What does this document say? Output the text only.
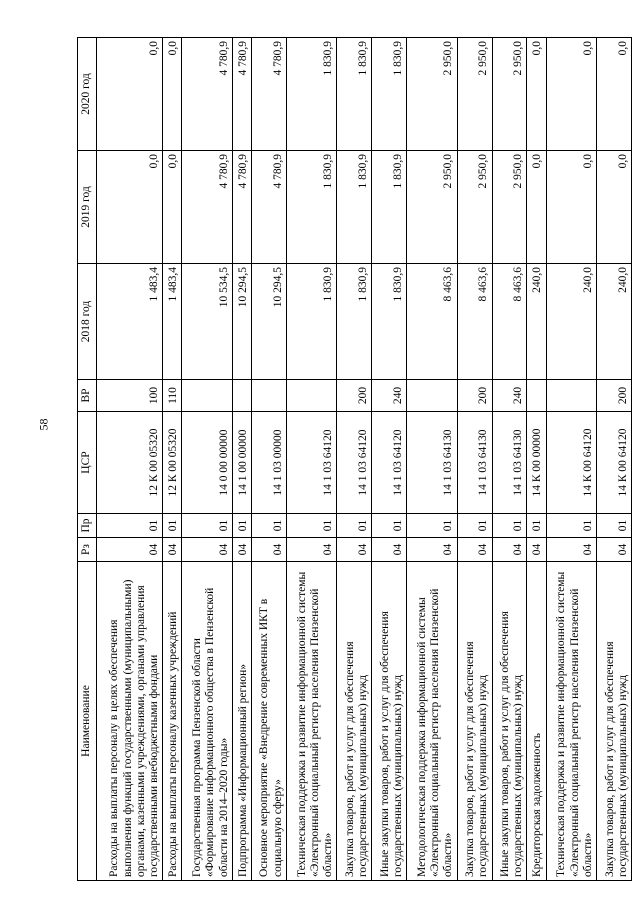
58
Наименование	Рз	Пр	ЦСР	ВР	2018 год	2019 год	2020 год
Расходы на выплаты персоналу в целях обеспечения выполнения функций государственными (муниципальными) органами, казенными учреждениями, органами управления государственными внебюджетными фондами	04	01	12 К 00 05320	100	1 483,4	0,0	0,0
Расходы на выплаты персоналу казенных учреждений	04	01	12 К 00 05320	110	1 483,4	0,0	0,0
Государственная программа Пензенской области «Формирование информационного общества в Пензенской области на 2014–2020 годы»	04	01	14 0 00 00000		10 534,5	4 780,9	4 780,9
Подпрограмма «Информационный регион»	04	01	14 1 00 00000		10 294,5	4 780,9	4 780,9
Основное мероприятие «Внедрение современных ИКТ в социальную сферу»	04	01	14 1 03 00000		10 294,5	4 780,9	4 780,9
Техническая поддержка и развитие информационной системы «Электронный социальный регистр населения Пензенской области»	04	01	14 1 03 64120		1 830,9	1 830,9	1 830,9
Закупка товаров, работ и услуг для обеспечения государственных (муниципальных) нужд	04	01	14 1 03 64120	200	1 830,9	1 830,9	1 830,9
Иные закупки товаров, работ и услуг для обеспечения государственных (муниципальных) нужд	04	01	14 1 03 64120	240	1 830,9	1 830,9	1 830,9
Методологическая поддержка информационной системы «Электронный социальный регистр населения Пензенской области»	04	01	14 1 03 64130		8 463,6	2 950,0	2 950,0
Закупка товаров, работ и услуг для обеспечения государственных (муниципальных) нужд	04	01	14 1 03 64130	200	8 463,6	2 950,0	2 950,0
Иные закупки товаров, работ и услуг для обеспечения государственных (муниципальных) нужд	04	01	14 1 03 64130	240	8 463,6	2 950,0	2 950,0
Кредиторская задолженность	04	01	14 К 00 00000		240,0	0,0	0,0
Техническая поддержка и развитие информационной системы «Электронный социальный регистр населения Пензенской области»	04	01	14 К 00 64120		240,0	0,0	0,0
Закупка товаров, работ и услуг для обеспечения государственных (муниципальных) нужд	04	01	14 К 00 64120	200	240,0	0,0	0,0
